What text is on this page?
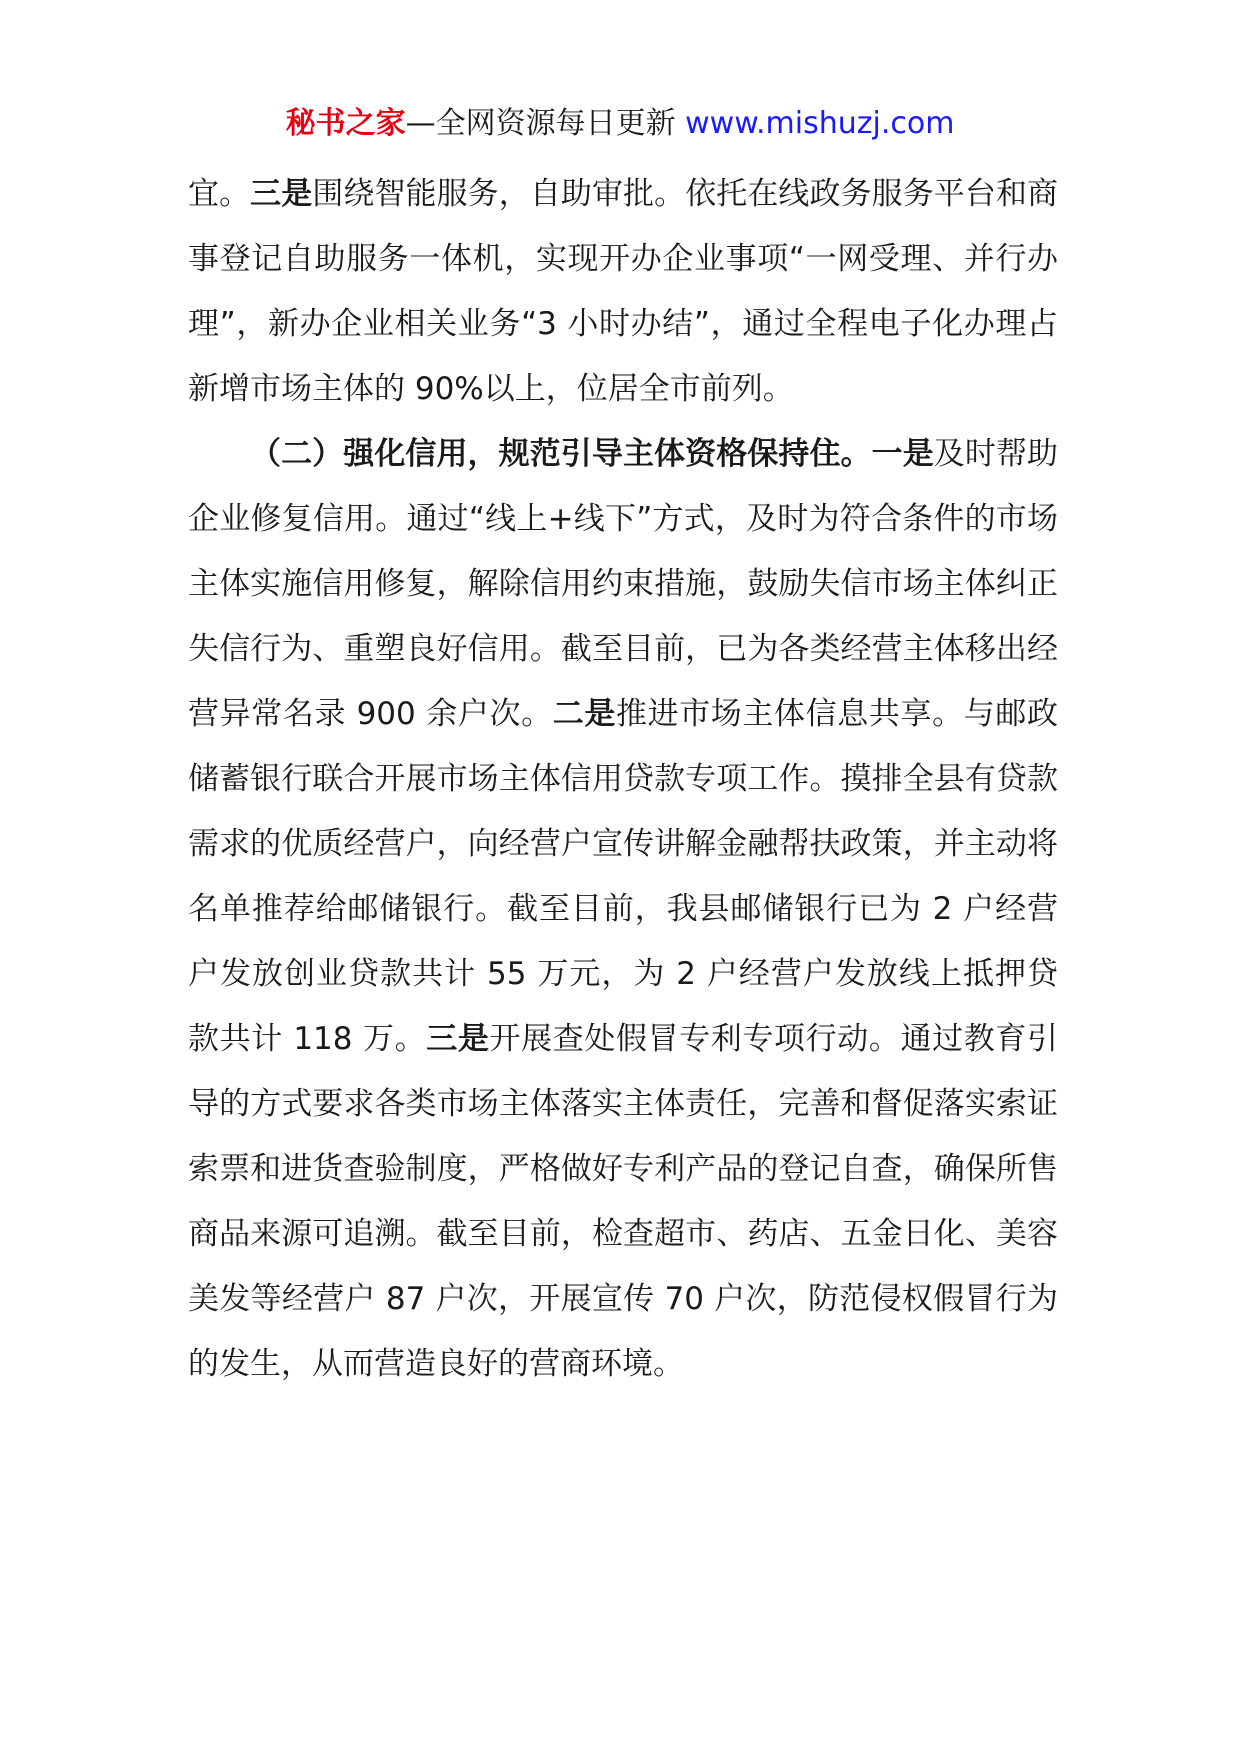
秘书之家—全网资源每日更新 www.mishuzj.com

宜。三是围绕智能服务，自助审批。依托在线政务服务平台和商事登记自助服务一体机，实现开办企业事项“一网受理、并行办理”，新办企业相关业务“3 小时办结”，通过全程电子化办理占新增市场主体的 90%以上，位居全市前列。

（二）强化信用，规范引导主体资格保持住。一是及时帮助企业修复信用。通过“线上+线下”方式，及时为符合条件的市场主体实施信用修复，解除信用约束措施，鼓励失信市场主体纠正失信行为、重塑良好信用。截至目前，已为各类经营主体移出经营异常名录 900 余户次。二是推进市场主体信息共享。与邮政储蓄银行联合开展市场主体信用贷款专项工作。摸排全县有贷款需求的优质经营户，向经营户宣传讲解金融帮扶政策，并主动将名单推荐给邮储银行。截至目前，我县邮储银行已为 2 户经营户发放创业贷款共计 55 万元，为 2 户经营户发放线上抵押贷款共计 118 万。三是开展查处假冒专利专项行动。通过教育引导的方式要求各类市场主体落实主体责任，完善和督促落实索证索票和进货查验制度，严格做好专利产品的登记自查，确保所售商品来源可追溯。截至目前，检查超市、药店、五金日化、美容美发等经营户 87 户次，开展宣传 70 户次，防范侵权假冒行为的发生，从而营造良好的营商环境。
